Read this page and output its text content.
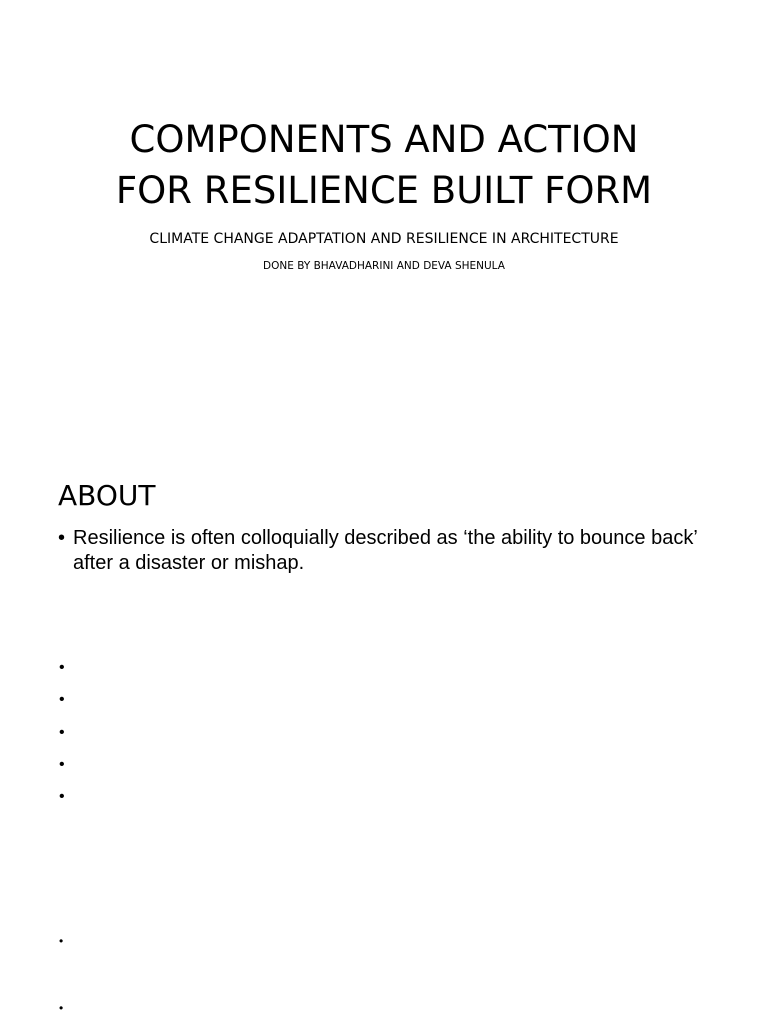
COMPONENTS AND ACTION
FOR RESILIENCE BUILT FORM

CLIMATE CHANGE ADAPTATION AND RESILIENCE IN ARCHITECTURE

DONE BY BHAVADHARINI AND DEVA SHENULA

ABOUT
• Resilience is often colloquially described as ‘the ability to bounce back’ after a disaster or mishap.
•
•
•
•
•
•
•
